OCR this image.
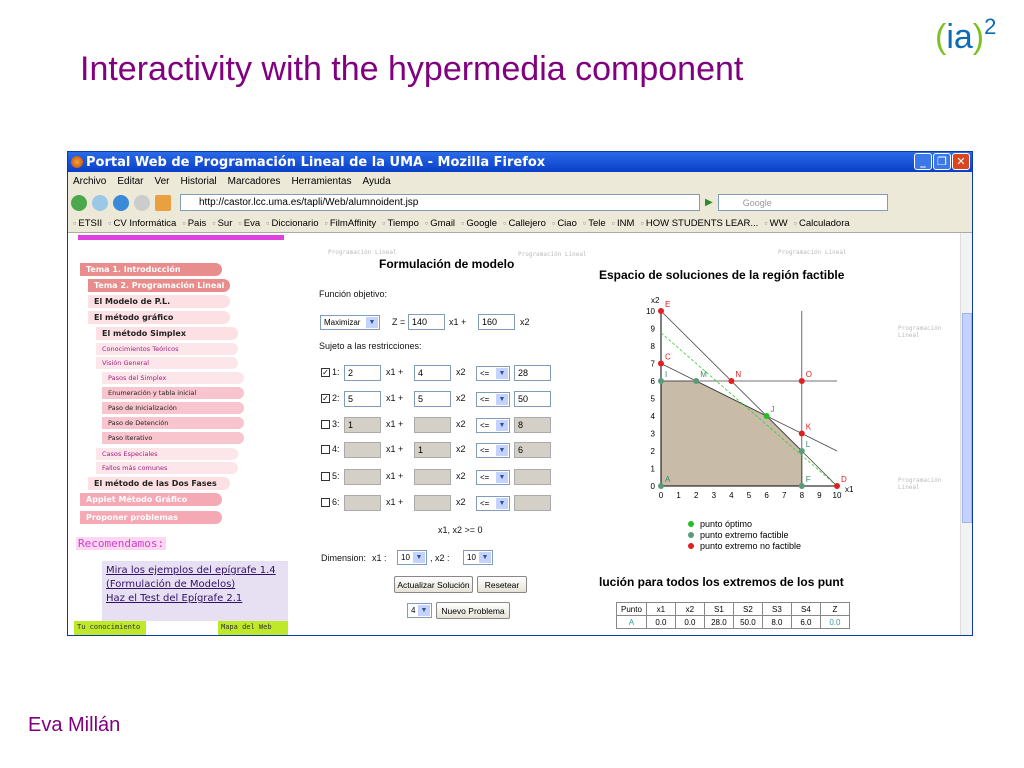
Interactivity with the hypermedia component
(ia)$^2$
Eva Millán
Portal Web de Programación Lineal de la UMA - Mozilla Firefox	_	❐ ✕
Archivo Editar Ver Historial Marcadores Herramientas Ayuda
http://castor.lcc.uma.es/tapli/Web/alumnoident.jsp	▶	Google
▫ ETSII	▫ CV Informática	▫ Pais	▫ Sur	▫ Eva	▫ Diccionario	▫ FilmAffinity	▫ Tiempo	▫ Gmail	▫ Google	▫ Callejero	▫ Ciao	▫ Tele	▫ INM	▫ HOW STUDENTS LEAR...	▫ WW	▫ Calculadora
Tema 1. Introducción
Tema 2. Programación Lineal
El Modelo de P.L.
El método gráfico
El método Simplex
Conocimientos Teóricos
Visión General
Pasos del Simplex
Enumeración y tabla inicial
Paso de Inicialización
Paso de Detención
Paso Iterativo
Casos Especiales
Fallos más comunes
El método de las Dos Fases
Applet Método Gráfico
Proponer problemas
Programación Lineal	Programación Lineal	Programación Lineal
Programación Lineal
Programación Lineal
Recomendamos:
Mira los ejemplos del epígrafe 1.4
(Formulación de Modelos)
Haz el Test del Epígrafe 2.1
Tu conocimiento	Mapa del Web
Formulación de modelo
Función objetivo:
Maximizar	▼ Z = 140	x1 +	160	x2
Sujeto a las restricciones:
x1, x2 >= 0
Dimension: x1 : 10 ▼ , x2 : 10 ▼
Actualizar Solución	Resetear
4 ▼	Nuevo Problema
Espacio de soluciones de la región factible
0 1 2 3 4 5 6 7 8 9 10
0
1
2
3
4
5
6
7
8
9
10
x1
x2
A
I	M
J
L
F
E
C
N	O
K
D
punto óptimo
punto extremo factible
punto extremo no factible
lución para todos los extremos de los punt
Punto	x1	x2	S1	S2	S3	S4	Z
A	0.0	0.0	28.0	50.0	8.0	6.0	0.0
✓ 1: 2	x1 +	4	x2 <=	▼	28
✓ 2: 5	x1 +	5	x2 <=	▼	50
3: 1	x1 +	x2 <=	▼	8
4:	x1 +	1	x2 <=	▼	6
5:	x1 +	x2 <=	▼
6:	x1 +	x2 <=	▼
